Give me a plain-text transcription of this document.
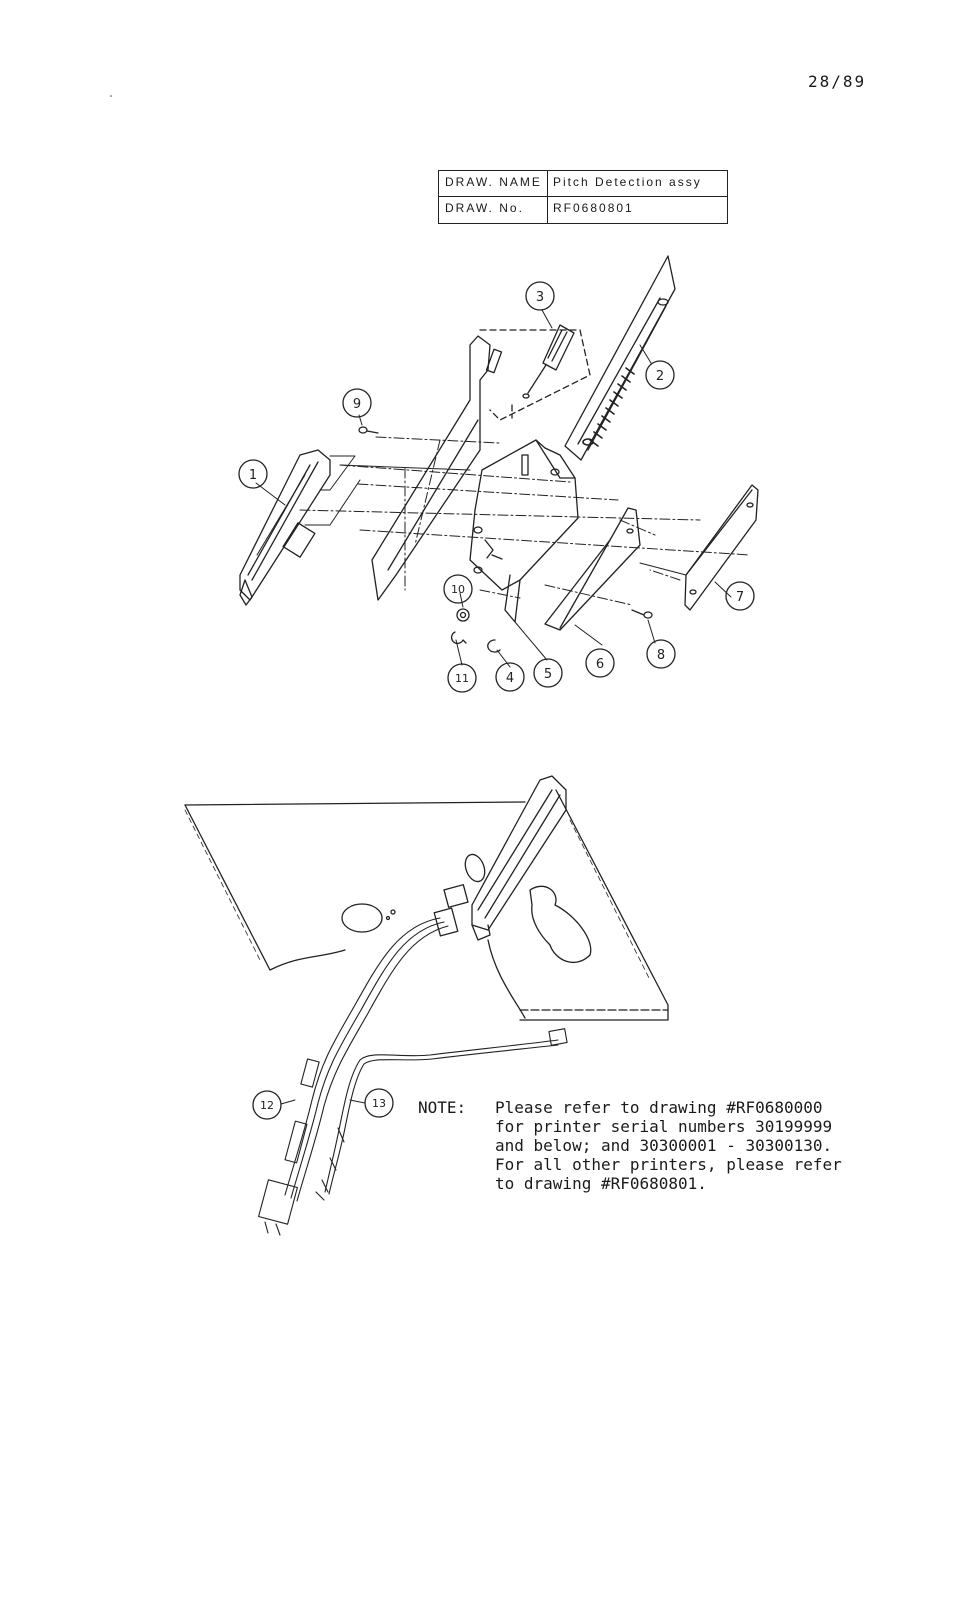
28/89
DRAW. NAME Pitch Detection assy
DRAW. No.	RF0680801
1
2
3
9
7
8
6
5
4
10
11
12	13 NOTE: Please refer to drawing #RF0680000
for printer serial numbers 30199999
and below; and 30300001 - 30300130.
For all other printers, please refer
to drawing #RF0680801.
